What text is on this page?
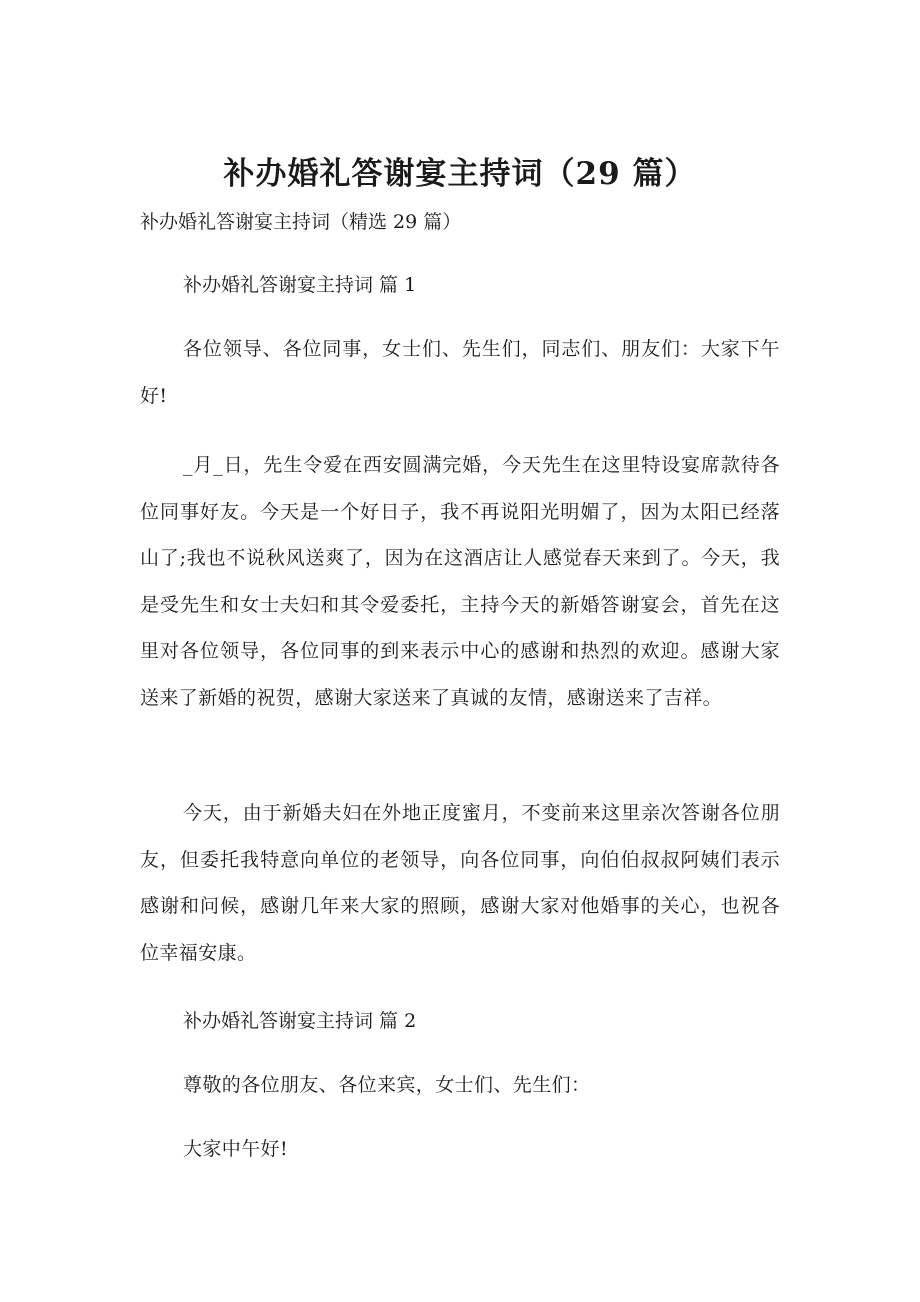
补办婚礼答谢宴主持词（29 篇）
补办婚礼答谢宴主持词（精选 29 篇）
补办婚礼答谢宴主持词 篇 1

各位领导、各位同事，女士们、先生们，同志们、朋友们：大家下午好!

_月_日，先生令爱在西安圆满完婚，今天先生在这里特设宴席款待各位同事好友。今天是一个好日子，我不再说阳光明媚了，因为太阳已经落山了;我也不说秋风送爽了，因为在这酒店让人感觉春天来到了。今天，我是受先生和女士夫妇和其令爱委托，主持今天的新婚答谢宴会，首先在这里对各位领导，各位同事的到来表示中心的感谢和热烈的欢迎。感谢大家送来了新婚的祝贺，感谢大家送来了真诚的友情，感谢送来了吉祥。

今天，由于新婚夫妇在外地正度蜜月，不变前来这里亲次答谢各位朋友，但委托我特意向单位的老领导，向各位同事，向伯伯叔叔阿姨们表示感谢和问候，感谢几年来大家的照顾，感谢大家对他婚事的关心，也祝各位幸福安康。

补办婚礼答谢宴主持词 篇 2

尊敬的各位朋友、各位来宾，女士们、先生们：

大家中午好!
